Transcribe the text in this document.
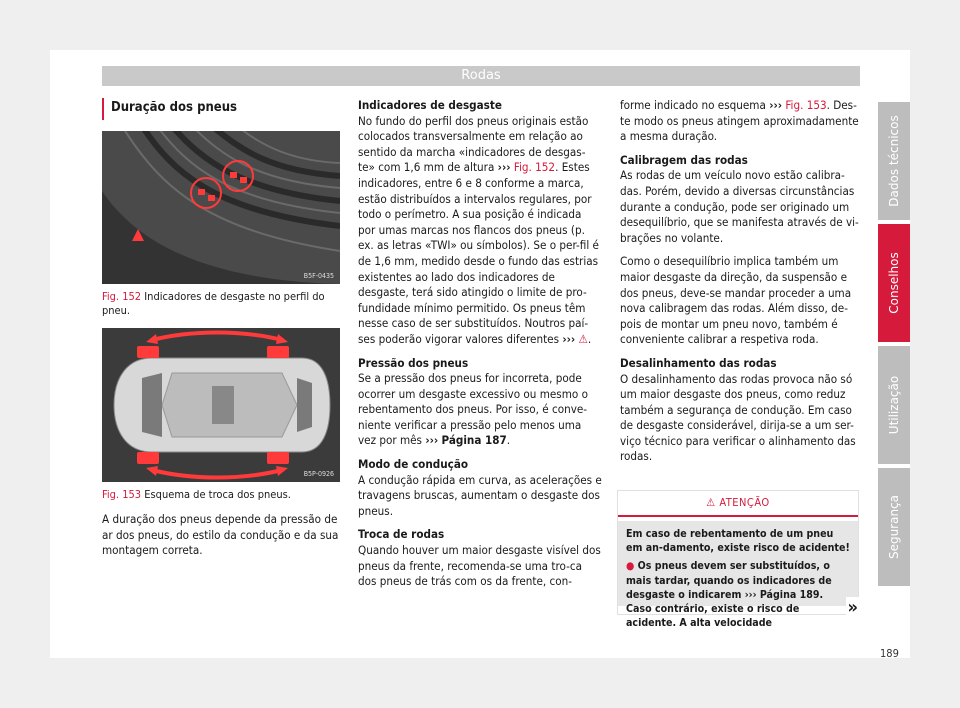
Rodas
Duração dos pneus
B5F-0435
Fig. 152 Indicadores de desgaste no perfil do pneu.
B5P-0926
Fig. 153 Esquema de troca dos pneus.

A duração dos pneus depende da pressão de ar dos pneus, do estilo da condução e da sua montagem correta.

Indicadores de desgaste

No fundo do perfil dos pneus originais estão colocados transversalmente em relação ao sentido da marcha «indicadores de desgas-te» com 1,6 mm de altura ››› Fig. 152. Estes indicadores, entre 6 e 8 conforme a marca, estão distribuídos a intervalos regulares, por todo o perímetro. A sua posição é indicada por umas marcas nos flancos dos pneus (p. ex. as letras «TWI» ou símbolos). Se o per-fil é de 1,6 mm, medido desde o fundo das estrias existentes ao lado dos indicadores de desgaste, terá sido atingido o limite de pro-fundidade mínimo permitido. Os pneus têm nesse caso de ser substituídos. Noutros paí-ses poderão vigorar valores diferentes ››› ⚠.

Pressão dos pneus

Se a pressão dos pneus for incorreta, pode ocorrer um desgaste excessivo ou mesmo o rebentamento dos pneus. Por isso, é conve-niente verificar a pressão pelo menos uma vez por mês ››› Página 187.

Modo de condução

A condução rápida em curva, as acelerações e travagens bruscas, aumentam o desgaste dos pneus.

Troca de rodas

Quando houver um maior desgaste visível dos pneus da frente, recomenda-se uma tro-ca dos pneus de trás com os da frente, con-

forme indicado no esquema ››› Fig. 153. Des-te modo os pneus atingem aproximadamente a mesma duração.

Calibragem das rodas

As rodas de um veículo novo estão calibra-das. Porém, devido a diversas circunstâncias durante a condução, pode ser originado um desequilíbrio, que se manifesta através de vi-brações no volante.

Como o desequilíbrio implica também um maior desgaste da direção, da suspensão e dos pneus, deve-se mandar proceder a uma nova calibragem das rodas. Além disso, de-pois de montar um pneu novo, também é conveniente calibrar a respetiva roda.

Desalinhamento das rodas

O desalinhamento das rodas provoca não só um maior desgaste dos pneus, como reduz também a segurança de condução. Em caso de desgaste considerável, dirija-se a um ser-viço técnico para verificar o alinhamento das rodas.

⚠ ATENÇÃO
Em caso de rebentamento de um pneu em an-damento, existe risco de acidente!
● Os pneus devem ser substituídos, o mais tardar, quando os indicadores de desgaste o indicarem ››› Página 189. Caso contrário, existe o risco de acidente. A alta velocidade
»
Dados técnicos
Conselhos
Utilização
Segurança
189
